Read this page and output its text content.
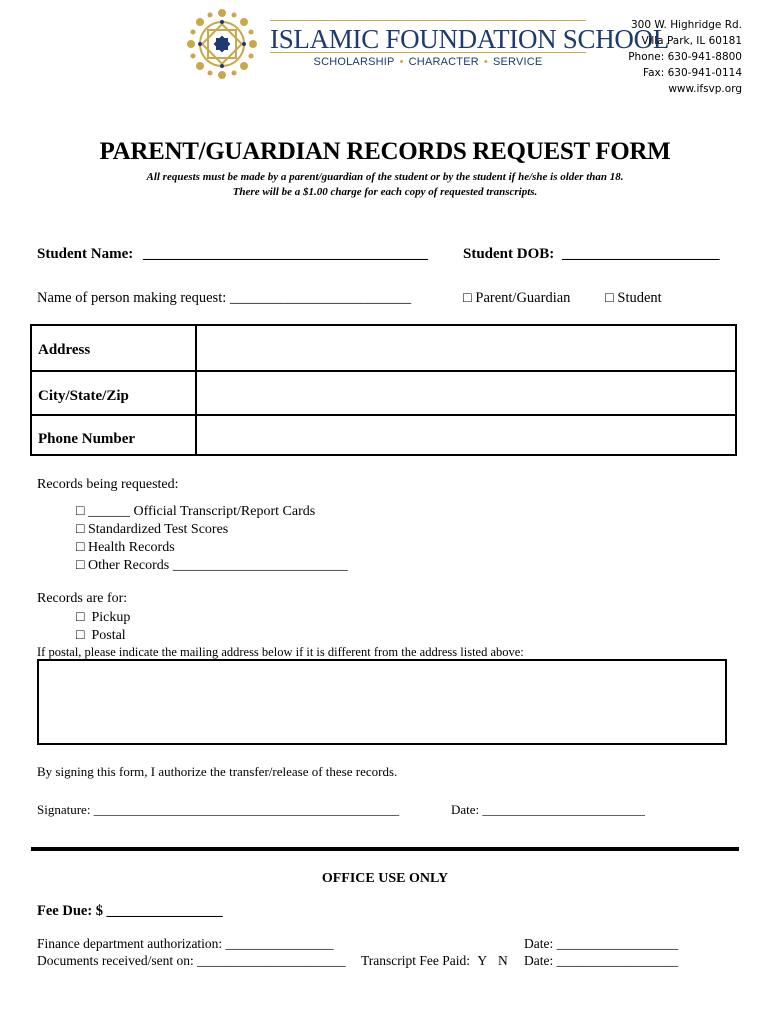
ISLAMIC FOUNDATION SCHOOL
SCHOLARSHIP • CHARACTER • SERVICE
300 W. Highridge Rd.
Villa Park, IL 60181
Phone: 630-941-8800
Fax: 630-941-0114
www.ifsvp.org
PARENT/GUARDIAN RECORDS REQUEST FORM
All requests must be made by a parent/guardian of the student or by the student if he/she is older than 18.
There will be a $1.00 charge for each copy of requested transcripts.
Student Name: ______________________________________ Student DOB: _____________________
Name of person making request: _________________________	□ Parent/Guardian □ Student
Address
City/State/Zip
Phone Number
Records being requested:
□ ______ Official Transcript/Report Cards
□ Standardized Test Scores
□ Health Records
□ Other Records _________________________
Records are for:
□ Pickup
□ Postal
If postal, please indicate the mailing address below if it is different from the address listed above:
By signing this form, I authorize the transfer/release of these records.
Signature: _______________________________________________	Date: _________________________
OFFICE USE ONLY
Fee Due: $ ________________
Finance department authorization: ________________	Date: __________________
Documents received/sent on: ______________________ Transcript Fee Paid: Y N Date: __________________
